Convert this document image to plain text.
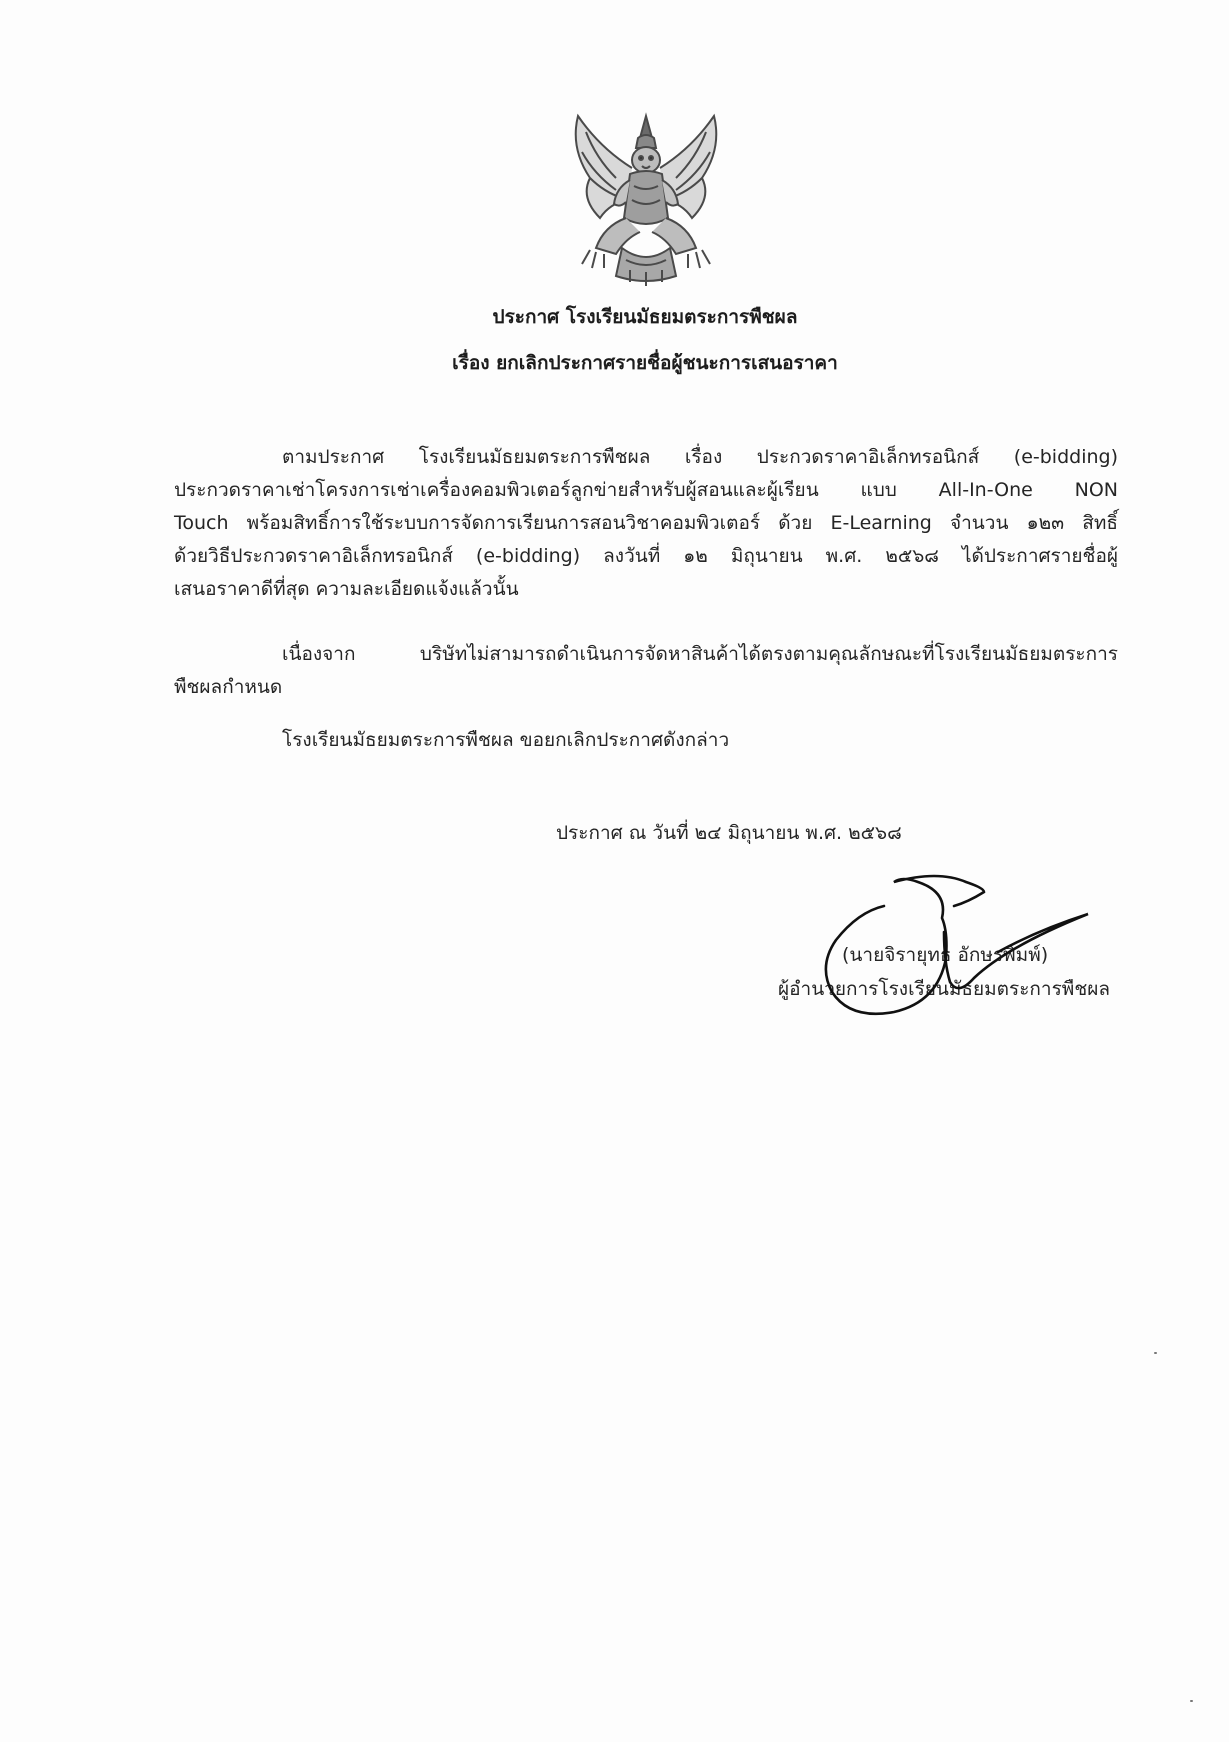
ประกาศ โรงเรียนมัธยมตระการพืชผล
เรื่อง ยกเลิกประกาศรายชื่อผู้ชนะการเสนอราคา
ตามประกาศ โรงเรียนมัธยมตระการพืชผล เรื่อง ประกวดราคาอิเล็กทรอนิกส์ (e-bidding)
ประกวดราคาเช่าโครงการเช่าเครื่องคอมพิวเตอร์ลูกข่ายสำหรับผู้สอนและผู้เรียน แบบ All-In-One NON
Touch พร้อมสิทธิ์การใช้ระบบการจัดการเรียนการสอนวิชาคอมพิวเตอร์ ด้วย E-Learning จำนวน ๑๒๓ สิทธิ์
ด้วยวิธีประกวดราคาอิเล็กทรอนิกส์ (e-bidding) ลงวันที่ ๑๒ มิถุนายน พ.ศ. ๒๕๖๘ ได้ประกาศรายชื่อผู้
เสนอราคาดีที่สุด ความละเอียดแจ้งแล้วนั้น
เนื่องจาก บริษัทไม่สามารถดำเนินการจัดหาสินค้าได้ตรงตามคุณลักษณะที่โรงเรียนมัธยมตระการ
พืชผลกำหนด
โรงเรียนมัธยมตระการพืชผล ขอยกเลิกประกาศดังกล่าว
ประกาศ ณ วันที่ ๒๔ มิถุนายน พ.ศ. ๒๕๖๘
(นายจิรายุทธ อักษรพิมพ์)
ผู้อำนวยการโรงเรียนมัธยมตระการพืชผล
